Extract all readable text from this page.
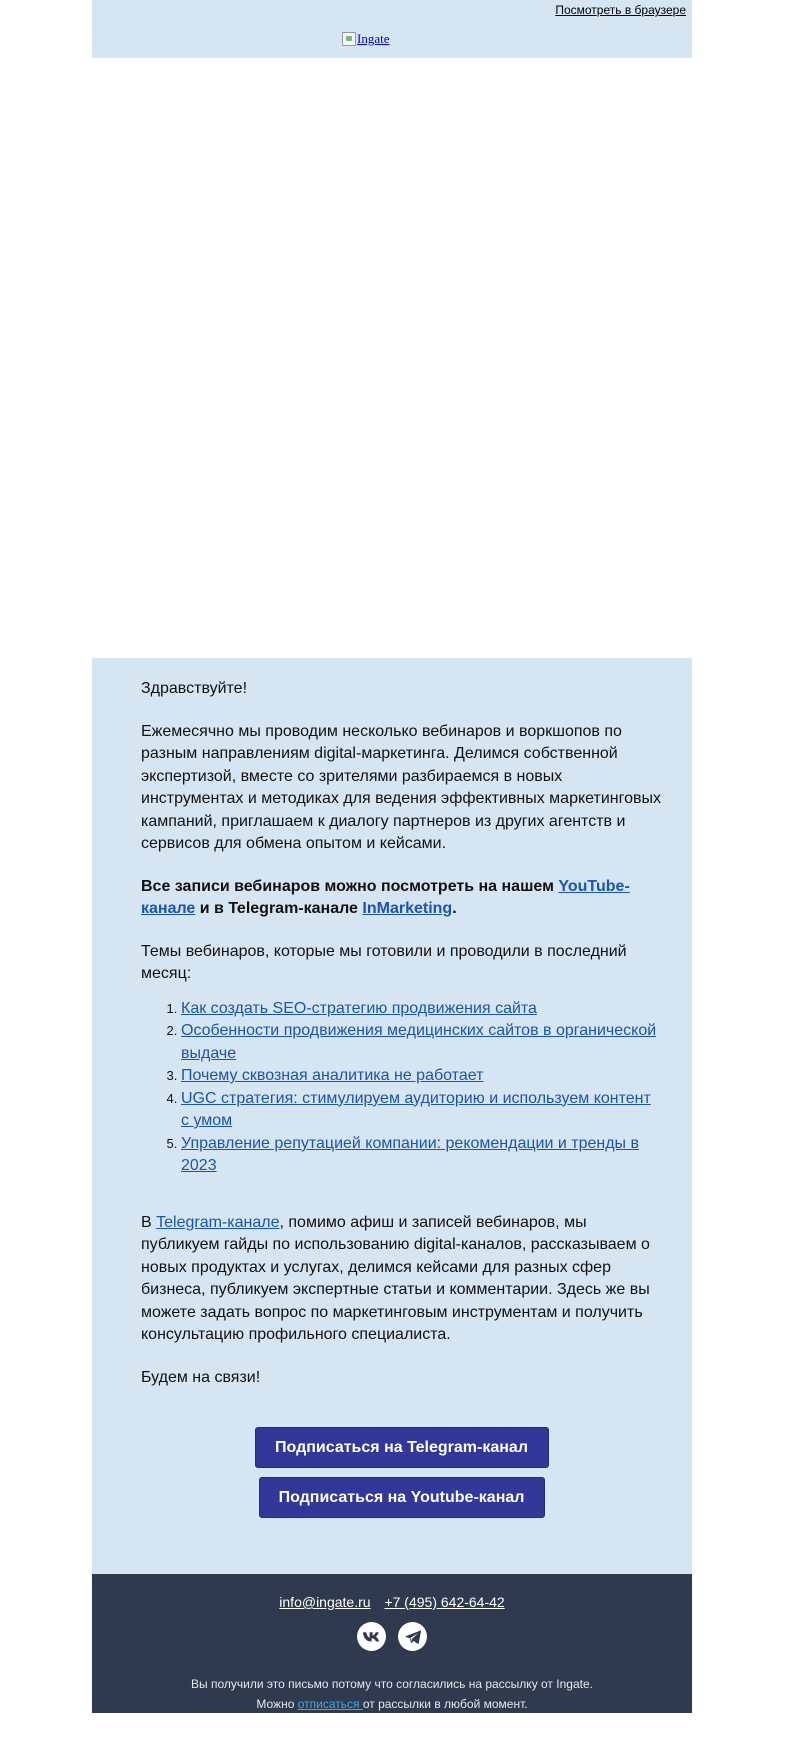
Посмотреть в браузере
Ingate

Здравствуйте!

Ежемесячно мы проводим несколько вебинаров и воркшопов по разным направлениям digital-маркетинга. Делимся собственной экспертизой, вместе со зрителями разбираемся в новых инструментах и методиках для ведения эффективных маркетинговых кампаний, приглашаем к диалогу партнеров из других агентств и сервисов для обмена опытом и кейсами.

Все записи вебинаров можно посмотреть на нашем YouTube-канале и в Telegram-канале InMarketing.

Темы вебинаров, которые мы готовили и проводили в последний месяц:

1. Как создать SEO-стратегию продвижения сайта
2. Особенности продвижения медицинских сайтов в органической выдаче
3. Почему сквозная аналитика не работает
4. UGC стратегия: стимулируем аудиторию и используем контент с умом
5. Управление репутацией компании: рекомендации и тренды в 2023

В Telegram-канале, помимо афиш и записей вебинаров, мы публикуем гайды по использованию digital-каналов, рассказываем о новых продуктах и услугах, делимся кейсами для разных сфер бизнеса, публикуем экспертные статьи и комментарии. Здесь же вы можете задать вопрос по маркетинговым инструментам и получить консультацию профильного специалиста.

Будем на связи!

Подписаться на Telegram-канал
Подписаться на Youtube-канал
info@ingate.ru +7 (495) 642-64-42
Вы получили это письмо потому что согласились на рассылку от Ingate.
Можно отписаться от рассылки в любой момент.
